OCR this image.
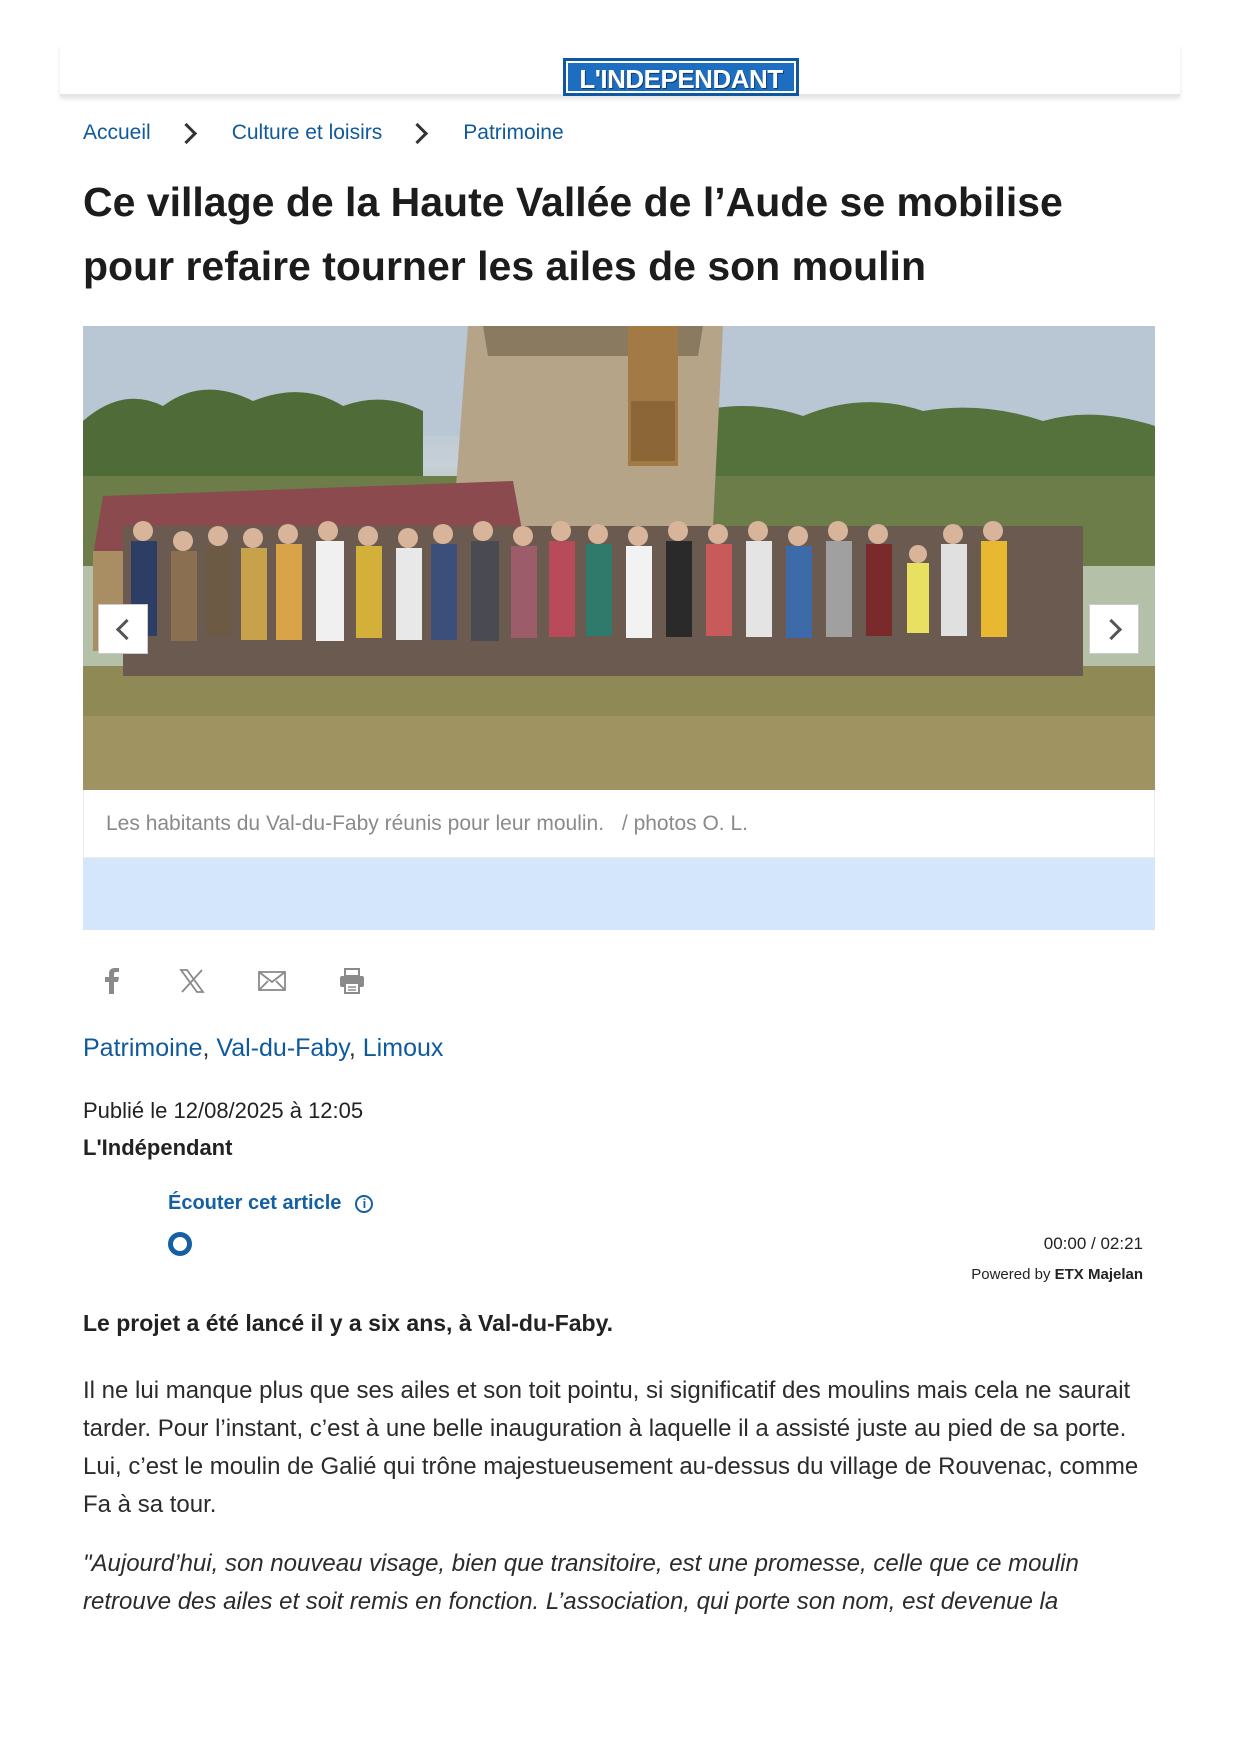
L'INDEPENDANT
Accueil	Culture et loisirs	Patrimoine
Ce village de la Haute Vallée de l’Aude se mobilise pour refaire tourner les ailes de son moulin
Les habitants du Val-du-Faby réunis pour leur moulin. / photos O. L.
Patrimoine, Val-du-Faby, Limoux
Publié le 12/08/2025 à 12:05
L'Indépendant
Écouter cet article	i
00:00 / 02:21
Powered by ETX Majelan
Le projet a été lancé il y a six ans, à Val-du-Faby.

Il ne lui manque plus que ses ailes et son toit pointu, si significatif des moulins mais cela ne saurait tarder. Pour l’instant, c’est à une belle inauguration à laquelle il a assisté juste au pied de sa porte. Lui, c’est le moulin de Galié qui trône majestueusement au-dessus du village de Rouvenac, comme Fa à sa tour.

"Aujourd’hui, son nouveau visage, bien que transitoire, est une promesse, celle que ce moulin retrouve des ailes et soit remis en fonction. L’association, qui porte son nom, est devenue la
